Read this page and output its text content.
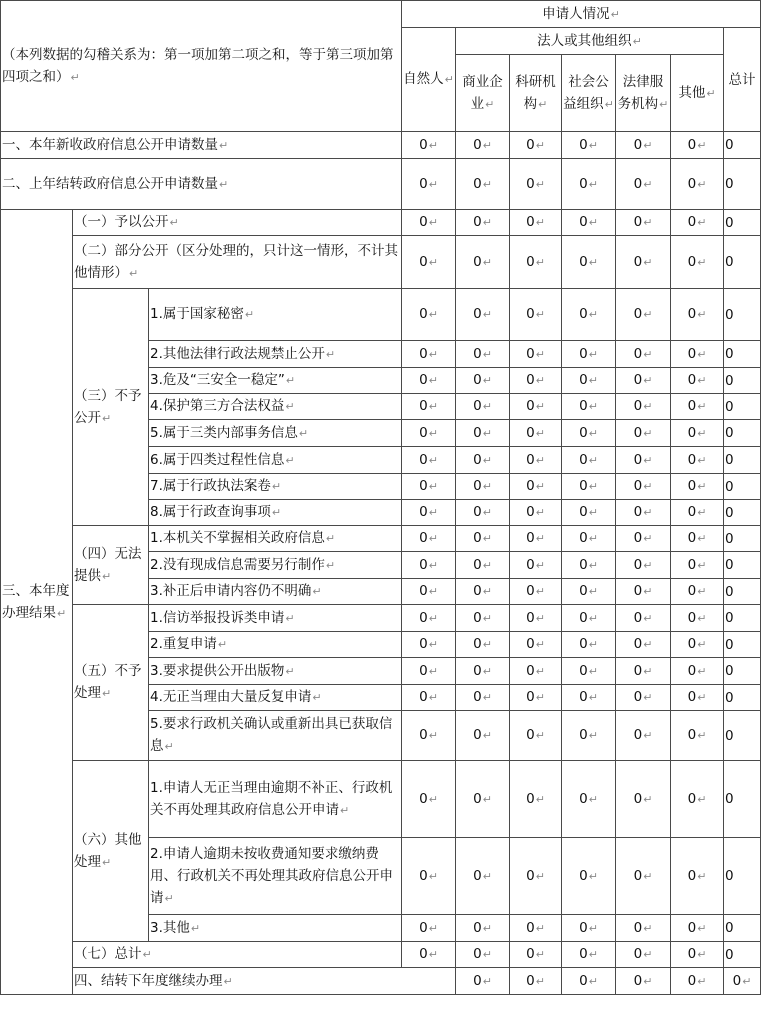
（本列数据的勾稽关系为：第一项加第二项之和，等于第三项加第四项之和）↵			申请人情况↵							
			自然人↵	法人或其他组织↵					总计	
				商业企业↵	科研机构↵	社会公益组织↵	法律服务机构↵	其他↵		
一、本年新收政府信息公开申请数量↵			0↵	0↵	0↵	0↵	0↵	0↵	0	
二、上年结转政府信息公开申请数量↵			0↵	0↵	0↵	0↵	0↵	0↵	0	
三、本年度办理结果↵	（一）予以公开↵		0↵	0↵	0↵	0↵	0↵	0↵	0	
	（二）部分公开（区分处理的，只计这一情形，不计其他情形）↵		0↵	0↵	0↵	0↵	0↵	0↵	0	
	（三）不予公开↵	1.属于国家秘密↵	0↵	0↵	0↵	0↵	0↵	0↵	0	
		2.其他法律行政法规禁止公开↵	0↵	0↵	0↵	0↵	0↵	0↵	0	
		3.危及“三安全一稳定”↵	0↵	0↵	0↵	0↵	0↵	0↵	0	
		4.保护第三方合法权益↵	0↵	0↵	0↵	0↵	0↵	0↵	0	
		5.属于三类内部事务信息↵	0↵	0↵	0↵	0↵	0↵	0↵	0	
		6.属于四类过程性信息↵	0↵	0↵	0↵	0↵	0↵	0↵	0	
		7.属于行政执法案卷↵	0↵	0↵	0↵	0↵	0↵	0↵	0	
		8.属于行政查询事项↵	0↵	0↵	0↵	0↵	0↵	0↵	0	
	（四）无法提供↵	1.本机关不掌握相关政府信息↵	0↵	0↵	0↵	0↵	0↵	0↵	0	
		2.没有现成信息需要另行制作↵	0↵	0↵	0↵	0↵	0↵	0↵	0	
		3.补正后申请内容仍不明确↵	0↵	0↵	0↵	0↵	0↵	0↵	0	
	（五）不予处理↵	1.信访举报投诉类申请↵	0↵	0↵	0↵	0↵	0↵	0↵	0	
		2.重复申请↵	0↵	0↵	0↵	0↵	0↵	0↵	0	
		3.要求提供公开出版物↵	0↵	0↵	0↵	0↵	0↵	0↵	0	
		4.无正当理由大量反复申请↵	0↵	0↵	0↵	0↵	0↵	0↵	0	
		5.要求行政机关确认或重新出具已获取信息↵	0↵	0↵	0↵	0↵	0↵	0↵	0	
	（六）其他处理↵	1.申请人无正当理由逾期不补正、行政机关不再处理其政府信息公开申请↵	0↵	0↵	0↵	0↵	0↵	0↵	0	
		2.申请人逾期未按收费通知要求缴纳费用、行政机关不再处理其政府信息公开申请↵	0↵	0↵	0↵	0↵	0↵	0↵	0	
		3.其他↵	0↵	0↵	0↵	0↵	0↵	0↵	0	
	（七）总计↵		0↵	0↵	0↵	0↵	0↵	0↵	0	
	四、结转下年度继续办理↵			0↵	0↵	0↵	0↵	0↵	0↵	
